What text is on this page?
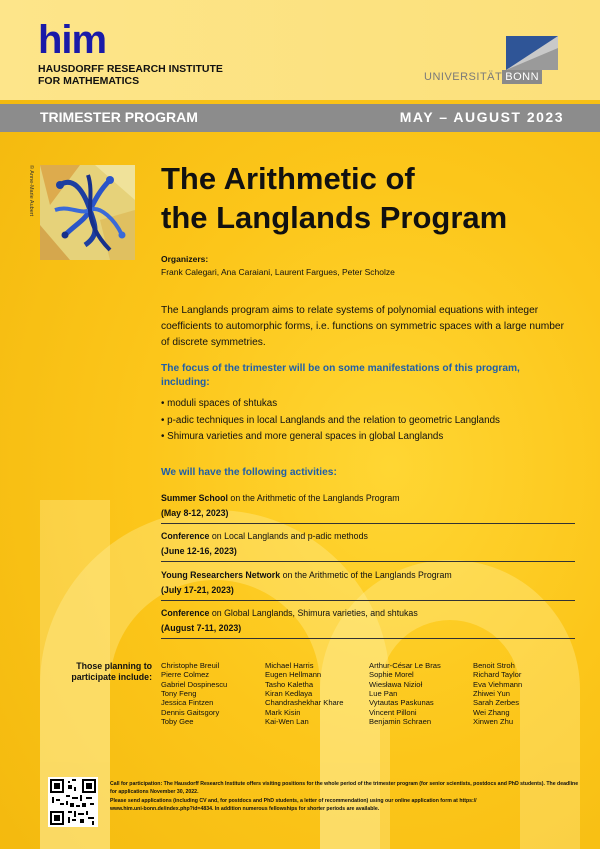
him
HAUSDORFF RESEARCH INSTITUTE
FOR MATHEMATICS	UNIVERSITÄT BONN
TRIMESTER PROGRAM	MAY – AUGUST 2023
© Anne-Marie Aubert	The Arithmetic of
the Langlands Program
Organizers:
Frank Calegari, Ana Caraiani, Laurent Fargues, Peter Scholze
The Langlands program aims to relate systems of polynomial equations with integer coefficients to automorphic forms, i.e. functions on symmetric spaces with a large number of discrete symmetries.
The focus of the trimester will be on some manifestations of this program, including:
• moduli spaces of shtukas
• p-adic techniques in local Langlands and the relation to geometric Langlands
• Shimura varieties and more general spaces in global Langlands
We will have the following activities:
Summer School on the Arithmetic of the Langlands Program
(May 8-12, 2023)
Conference on Local Langlands and p-adic methods
(June 12-16, 2023)
Young Researchers Network on the Arithmetic of the Langlands Program
(July 17-21, 2023)
Conference on Global Langlands, Shimura varieties, and shtukas
(August 7-11, 2023)
Those planning to
participate include:
Christophe Breuil
Pierre Colmez
Gabriel Dospinescu
Tony Feng
Jessica Fintzen
Dennis Gaitsgory
Toby Gee
Michael Harris
Eugen Hellmann
Tasho Kaletha
Kiran Kedlaya
Chandrashekhar Khare
Mark Kisin
Kai-Wen Lan
Arthur-César Le Bras
Sophie Morel
Wiesława Nizioł
Lue Pan
Vytautas Paskunas
Vincent Pilloni
Benjamin Schraen
Benoit Stroh
Richard Taylor
Eva Viehmann
Zhiwei Yun
Sarah Zerbes
Wei Zhang
Xinwen Zhu
Call for participation: The Hausdorff Research Institute offers visiting positions for the whole period of the trimester program (for senior scientists, postdocs and PhD students). The deadline for applications November 30, 2022.
Please send applications (including CV and, for postdocs and PhD students, a letter of recommendation) using our online application form at https://
www.him.uni-bonn.de/index.php?id=4834. In addition numerous fellowships for shorter periods are available.
